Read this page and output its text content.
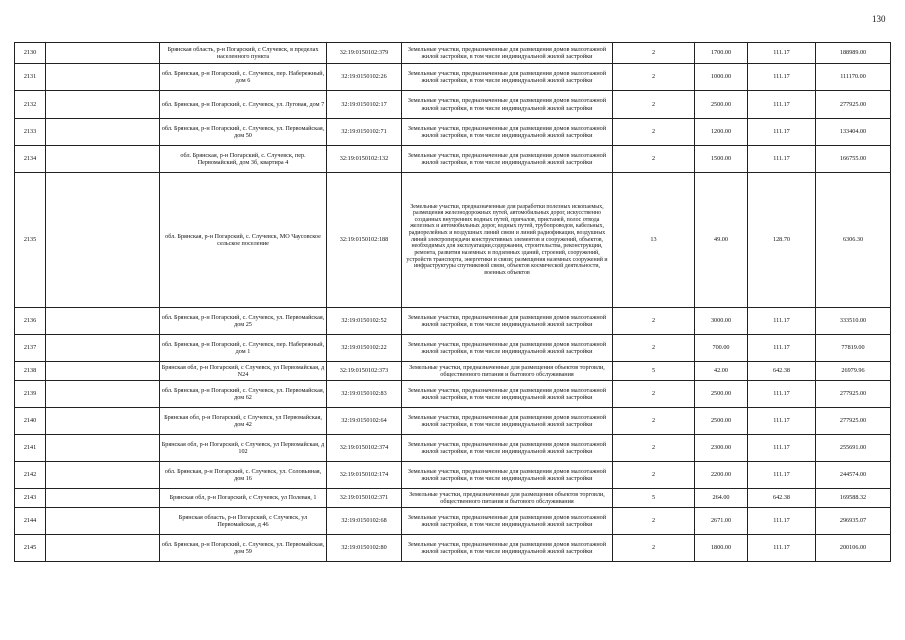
130
2130		Брянская область, р-н Погарский, с Случевск, в пределах населенного пункта	32:19:0150102:379	Земельные участки, предназначенные для размещения домов малоэтажной жилой застройки, в том числе индивидуальной жилой застройки	2	1700.00	111.17	188989.00
2131		обл. Брянская, р-н Погарский, с. Случевск, пер. Набережный, дом 6	32:19:0150102:26	Земельные участки, предназначенные для размещения домов малоэтажной жилой застройки, в том числе индивидуальной жилой застройки	2	1000.00	111.17	111170.00
2132		обл. Брянская, р-н Погарский, с. Случевск, ул. Луговая, дом 7	32:19:0150102:17	Земельные участки, предназначенные для размещения домов малоэтажной жилой застройки, в том числе индивидуальной жилой застройки	2	2500.00	111.17	277925.00
2133		обл. Брянская, р-н Погарский, с. Случевск, ул. Первомайская, дом 50	32:19:0150102:71	Земельные участки, предназначенные для размещения домов малоэтажной жилой застройки, в том числе индивидуальной жилой застройки	2	1200.00	111.17	133404.00
2134		обл. Брянская, р-н Погарский, с. Случевск, пер. Первомайский, дом 3б, квартира 4	32:19:0150102:132	Земельные участки, предназначенные для размещения домов малоэтажной жилой застройки, в том числе индивидуальной жилой застройки	2	1500.00	111.17	166755.00
2135		обл. Брянская, р-н Погарский, с. Случевск, МО Чаусовское сельское поселение	32:19:0150102:188	Земельные участки, предназначенные для разработки полезных ископаемых, размещения железнодорожных путей, автомобильных дорог, искусственно созданных внутренних водных путей, причалов, пристаней, полос отвода железных и автомобильных дорог, водных путей, трубопроводов, кабельных, радиорелейных и воздушных линий связи и линий радиофикации, воздушных линий электропередачи конструктивных элементов и сооружений, объектов, необходимых для эксплуатации,содержания, строительства, реконструкции, ремонта, развития наземных и подземных зданий, строений, сооружений, устройств транспорта, энергетики и связи; размещения наземных сооружений и инфраструктуры спутниковой связи, объектов космической деятельности, военных объектов	13	49.00	128.70	6306.30
2136		обл. Брянская, р-н Погарский, с. Случевск, ул. Первомайская, дом 25	32:19:0150102:52	Земельные участки, предназначенные для размещения домов малоэтажной жилой застройки, в том числе индивидуальной жилой застройки	2	3000.00	111.17	333510.00
2137		обл. Брянская, р-н Погарский, с. Случевск, пер. Набережный, дом 1	32:19:0150102:22	Земельные участки, предназначенные для размещения домов малоэтажной жилой застройки, в том числе индивидуальной жилой застройки	2	700.00	111.17	77819.00
2138		Брянская обл, р-н Погарский, с Случевск, ул Первомайская, д N24	32:19:0150102:373	Земельные участки, предназначенные для размещения объектов торговли, общественного питания и бытового обслуживания	5	42.00	642.38	26979.96
2139		обл. Брянская, р-н Погарский, с. Случевск, ул. Первомайская, дом 62	32:19:0150102:83	Земельные участки, предназначенные для размещения домов малоэтажной жилой застройки, в том числе индивидуальной жилой застройки	2	2500.00	111.17	277925.00
2140		Брянская обл, р-н Погарский, с Случевск, ул Первомайская, дом 42	32:19:0150102:64	Земельные участки, предназначенные для размещения домов малоэтажной жилой застройки, в том числе индивидуальной жилой застройки	2	2500.00	111.17	277925.00
2141		Брянская обл, р-н Погарский, с Случевск, ул Первомайская, д 102	32:19:0150102:374	Земельные участки, предназначенные для размещения домов малоэтажной жилой застройки, в том числе индивидуальной жилой застройки	2	2300.00	111.17	255691.00
2142		обл. Брянская, р-н Погарский, с. Случевск, ул. Соловьиная, дом 16	32:19:0150102:174	Земельные участки, предназначенные для размещения домов малоэтажной жилой застройки, в том числе индивидуальной жилой застройки	2	2200.00	111.17	244574.00
2143		Брянская обл, р-н Погарский, с Случевск, ул Полевая, 1	32:19:0150102:371	Земельные участки, предназначенные для размещения объектов торговли, общественного питания и бытового обслуживания	5	264.00	642.38	169588.32
2144		Брянская область, р-н Погарский, с Случевск, ул Первомайская, д 46	32:19:0150102:68	Земельные участки, предназначенные для размещения домов малоэтажной жилой застройки, в том числе индивидуальной жилой застройки	2	2671.00	111.17	296935.07
2145		обл. Брянская, р-н Погарский, с. Случевск, ул. Первомайская, дом 59	32:19:0150102:80	Земельные участки, предназначенные для размещения домов малоэтажной жилой застройки, в том числе индивидуальной жилой застройки	2	1800.00	111.17	200106.00
